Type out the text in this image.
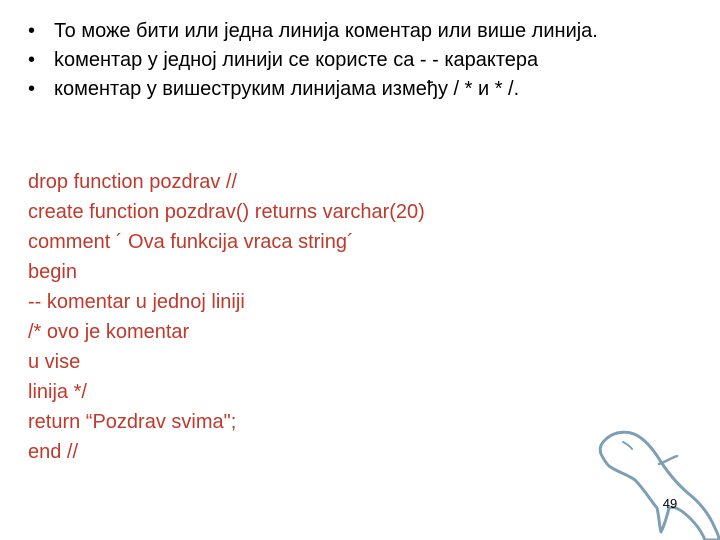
• То може бити или једна линија коментар или више линија.
• kоментар у једној линији се користе са - - карактера
• коментар у вишеструким линијама између / * и * /.
drop function pozdrav //
create function pozdrav() returns varchar(20)
comment ´ Ova funkcija vraca string´
begin
-- komentar u jednoj liniji
/* ovo je komentar
u vise
linija */
return “Pozdrav svima";
end //
49
